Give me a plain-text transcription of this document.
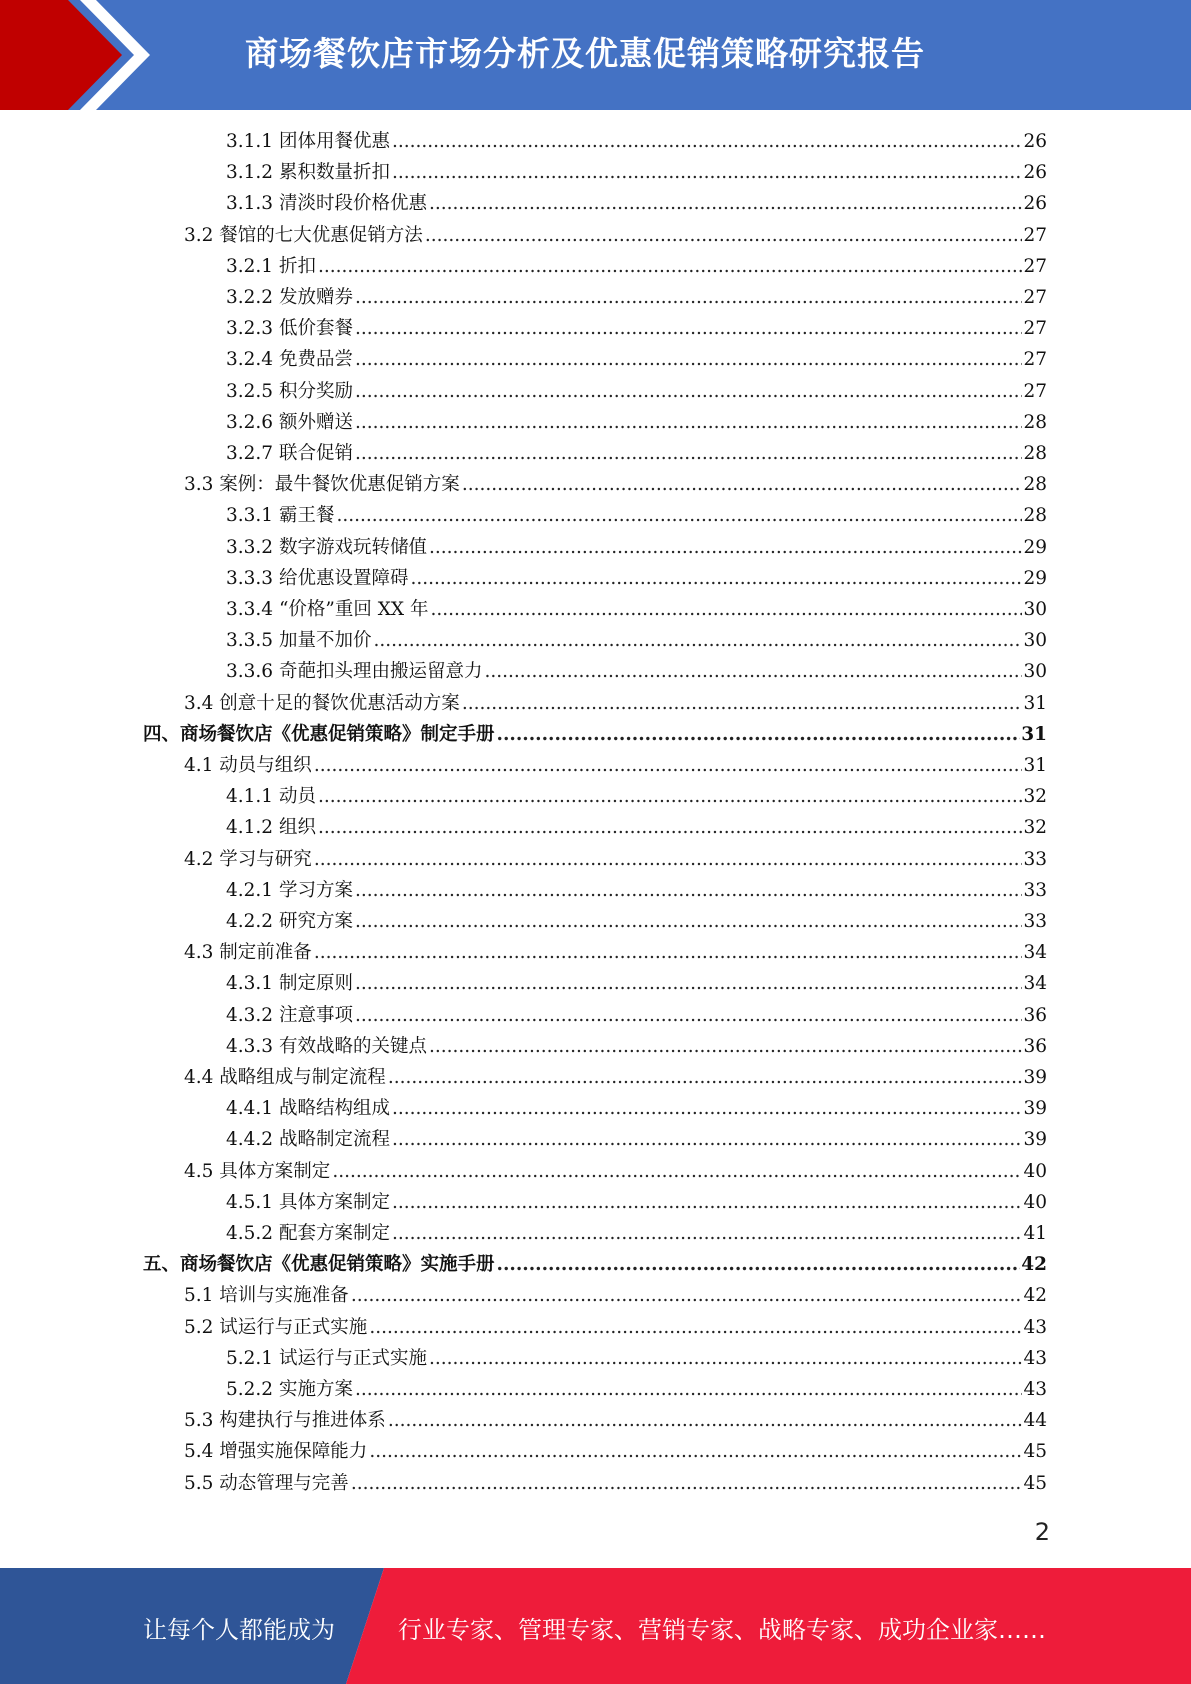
商场餐饮店市场分析及优惠促销策略研究报告
3.1.1 团体用餐优惠 .....	26
3.1.2 累积数量折扣 .....	26
3.1.3 清淡时段价格优惠 .....	26
3.2 餐馆的七大优惠促销方法 .....	27
3.2.1 折扣 .....	27
3.2.2 发放赠券 .....	27
3.2.3 低价套餐 .....	27
3.2.4 免费品尝 .....	27
3.2.5 积分奖励 .....	27
3.2.6 额外赠送 .....	28
3.2.7 联合促销 .....	28
3.3 案例：最牛餐饮优惠促销方案 .....	28
3.3.1 霸王餐 .....	28
3.3.2 数字游戏玩转储值 .....	29
3.3.3 给优惠设置障碍 .....	29
3.3.4 “价格”重回 XX 年 .....	30
3.3.5 加量不加价 .....	30
3.3.6 奇葩扣头理由搬运留意力 .....	30
3.4 创意十足的餐饮优惠活动方案 .....	31
四、商场餐饮店《优惠促销策略》制定手册 .....	31
4.1 动员与组织 .....	31
4.1.1 动员 .....	32
4.1.2 组织 .....	32
4.2 学习与研究 .....	33
4.2.1 学习方案 .....	33
4.2.2 研究方案 .....	33
4.3 制定前准备 .....	34
4.3.1 制定原则 .....	34
4.3.2 注意事项 .....	36
4.3.3 有效战略的关键点 .....	36
4.4 战略组成与制定流程 .....	39
4.4.1 战略结构组成 .....	39
4.4.2 战略制定流程 .....	39
4.5 具体方案制定 .....	40
4.5.1 具体方案制定 .....	40
4.5.2 配套方案制定 .....	41
五、商场餐饮店《优惠促销策略》实施手册 .....	42
5.1 培训与实施准备 .....	42
5.2 试运行与正式实施 .....	43
5.2.1 试运行与正式实施 .....	43
5.2.2 实施方案 .....	43
5.3 构建执行与推进体系 .....	44
5.4 增强实施保障能力 .....	45
5.5 动态管理与完善 .....	45
2
让每个人都能成为	行业专家、管理专家、营销专家、战略专家、成功企业家……
